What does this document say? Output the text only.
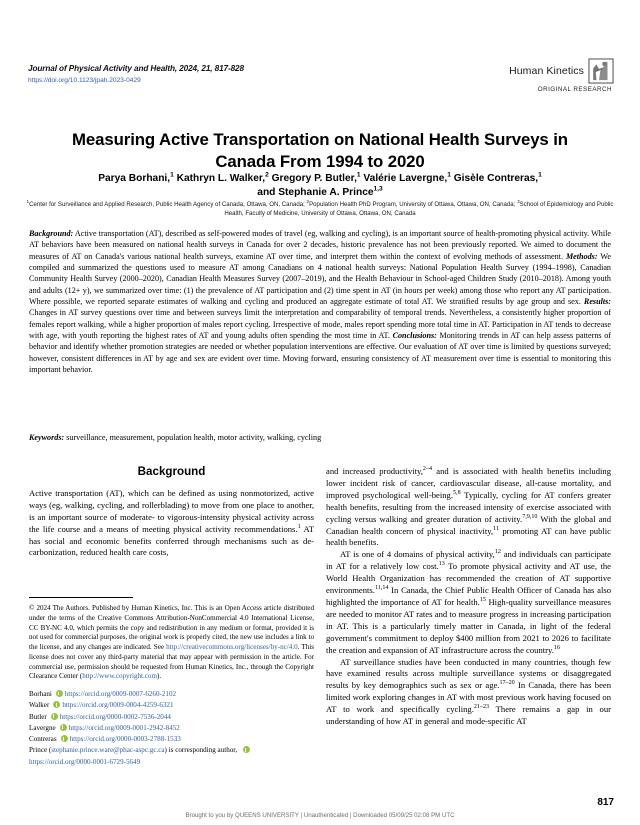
Journal of Physical Activity and Health, 2024, 21, 817-828
https://doi.org/10.1123/jpah.2023-0429
Human Kinetics
ORIGINAL RESEARCH
Measuring Active Transportation on National Health Surveys in Canada From 1994 to 2020
Parya Borhani,$^1$ Kathryn L. Walker,$^2$ Gregory P. Butler,$^1$ Valérie Lavergne,$^1$ Gisèle Contreras,$^1$
and Stephanie A. Prince$^{1,3}$
$^1$Center for Surveillance and Applied Research, Public Health Agency of Canada, Ottawa, ON, Canada; $^2$Population Health PhD Program, University of Ottawa, Ottawa, ON, Canada; $^3$School of Epidemiology and Public Health, Faculty of Medicine, University of Ottawa, Ottawa, ON, Canada
Background: Active transportation (AT), described as self-powered modes of travel (eg, walking and cycling), is an important source of health-promoting physical activity. While AT behaviors have been measured on national health surveys in Canada for over 2 decades, historic prevalence has not been previously reported. We aimed to document the measures of AT on Canada's various national health surveys, examine AT over time, and interpret them within the context of evolving methods of assessment. Methods: We compiled and summarized the questions used to measure AT among Canadians on 4 national health surveys: National Population Health Survey (1994–1998), Canadian Community Health Survey (2000–2020), Canadian Health Measures Survey (2007–2019), and the Health Behaviour in School-aged Children Study (2010–2018). Among youth and adults (12+ y), we summarized over time: (1) the prevalence of AT participation and (2) time spent in AT (in hours per week) among those who report any AT participation. Where possible, we reported separate estimates of walking and cycling and produced an aggregate estimate of total AT. We stratified results by age group and sex. Results: Changes in AT survey questions over time and between surveys limit the interpretation and comparability of temporal trends. Nevertheless, a consistently higher proportion of females report walking, while a higher proportion of males report cycling. Irrespective of mode, males report spending more total time in AT. Participation in AT tends to decrease with age, with youth reporting the highest rates of AT and young adults often spending the most time in AT. Conclusions: Monitoring trends in AT can help assess patterns of behavior and identify whether promotion strategies are needed or whether population interventions are effective. Our evaluation of AT over time is limited by questions surveyed; however, consistent differences in AT by age and sex are evident over time. Moving forward, ensuring consistency of AT measurement over time is essential to monitoring this important behavior.
Keywords: surveillance, measurement, population health, motor activity, walking, cycling
Background

Active transportation (AT), which can be defined as using nonmotorized, active ways (eg, walking, cycling, and rollerblading) to move from one place to another, is an important source of moderate- to vigorous-intensity physical activity across the life course and a means of meeting physical activity recommendations.$^1$ AT has social and economic benefits conferred through mechanisms such as de-carbonization, reduced health care costs,

and increased productivity,$^{2-4}$ and is associated with health benefits including lower incident risk of cancer, cardiovascular disease, all-cause mortality, and improved psychological well-being.$^{5,8}$ Typically, cycling for AT confers greater health benefits, resulting from the increased intensity of exercise associated with cycling versus walking and greater duration of activity.$^{7,9,10}$ With the global and Canadian health concern of physical inactivity,$^{11}$ promoting AT can have public health benefits.

AT is one of 4 domains of physical activity,$^{12}$ and individuals can participate in AT for a relatively low cost.$^{13}$ To promote physical activity and AT use, the World Health Organization has recommended the creation of AT supportive environments.$^{11,14}$ In Canada, the Chief Public Health Officer of Canada has also highlighted the importance of AT for health.$^{15}$ High-quality surveillance measures are needed to monitor AT rates and to measure progress in increasing participation in AT. This is a particularly timely matter in Canada, in light of the federal government's commitment to deploy $400 million from 2021 to 2026 to facilitate the creation and expansion of AT infrastructure across the country.$^{16}$

AT surveillance studies have been conducted in many countries, though few have examined results across multiple surveillance systems or disaggregated results by key demographics such as sex or age.$^{17-20}$ In Canada, there has been limited work exploring changes in AT with most previous work having focused on AT to work and specifically cycling.$^{21-23}$ There remains a gap in our understanding of how AT in general and mode-specific AT

© 2024 The Authors. Published by Human Kinetics, Inc. This is an Open Access article distributed under the terms of the Creative Commons Attribution-NonCommercial 4.0 International License, CC BY-NC 4.0, which permits the copy and redistribution in any medium or format, provided it is not used for commercial purposes, the original work is properly cited, the new use includes a link to the license, and any changes are indicated. See http://creativecommons.org/licenses/by-nc/4.0. This license does not cover any third-party material that may appear with permission in the article. For commercial use, permission should be requested from Human Kinetics, Inc., through the Copyright Clearance Center (http://www.copyright.com).
Borhani https://orcid.org/0009-0007-6260-2102
Walker https://orcid.org/0009-0004-4259-6321
Butler https://orcid.org/0000-0002-7536-2044
Lavergne https://orcid.org/0009-0001-2942-8452
Contreras https://orcid.org/0000-0003-2788-1533
Prince (stephanie.prince.ware@phac-aspc.gc.ca) is corresponding author, https://orcid.org/0000-0001-6729-5649
817
Brought to you by QUEENS UNIVERSITY | Unauthenticated | Downloaded 05/09/25 02:08 PM UTC
